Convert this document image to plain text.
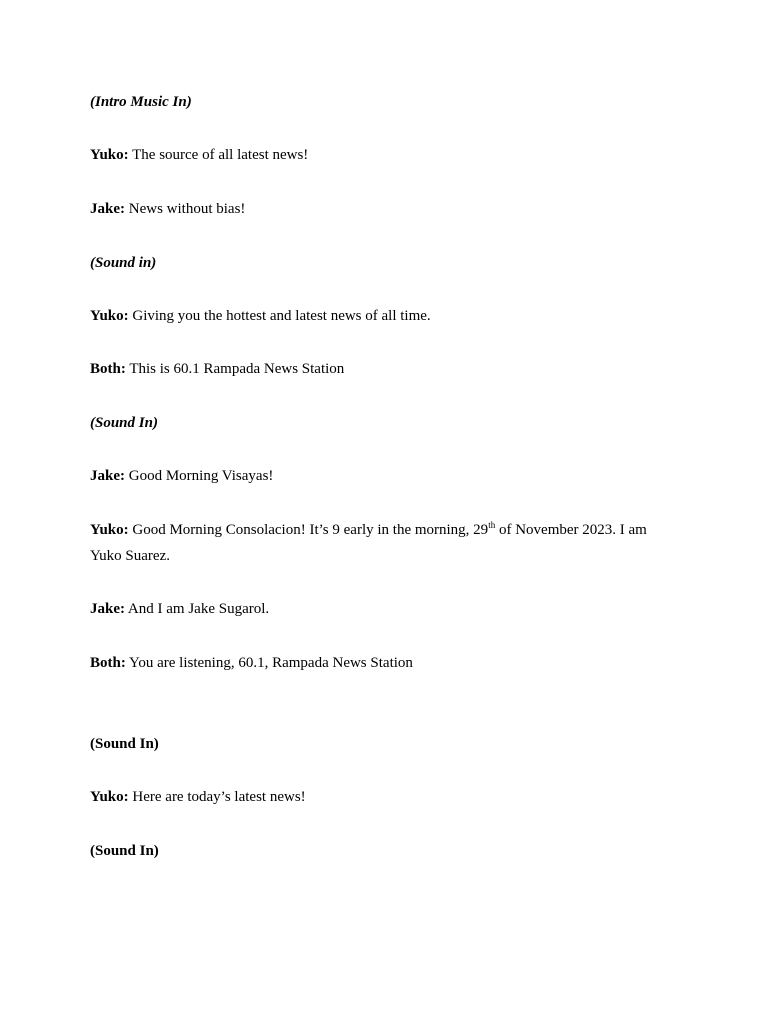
(Intro Music In)
Yuko: The source of all latest news!
Jake: News without bias!
(Sound in)
Yuko: Giving you the hottest and latest news of all time.
Both: This is 60.1 Rampada News Station
(Sound In)
Jake: Good Morning Visayas!
Yuko: Good Morning Consolacion! It’s 9 early in the morning, 29th of November 2023. I am Yuko Suarez.
Jake: And I am Jake Sugarol.
Both: You are listening, 60.1, Rampada News Station
(Sound In)
Yuko: Here are today’s latest news!
(Sound In)
